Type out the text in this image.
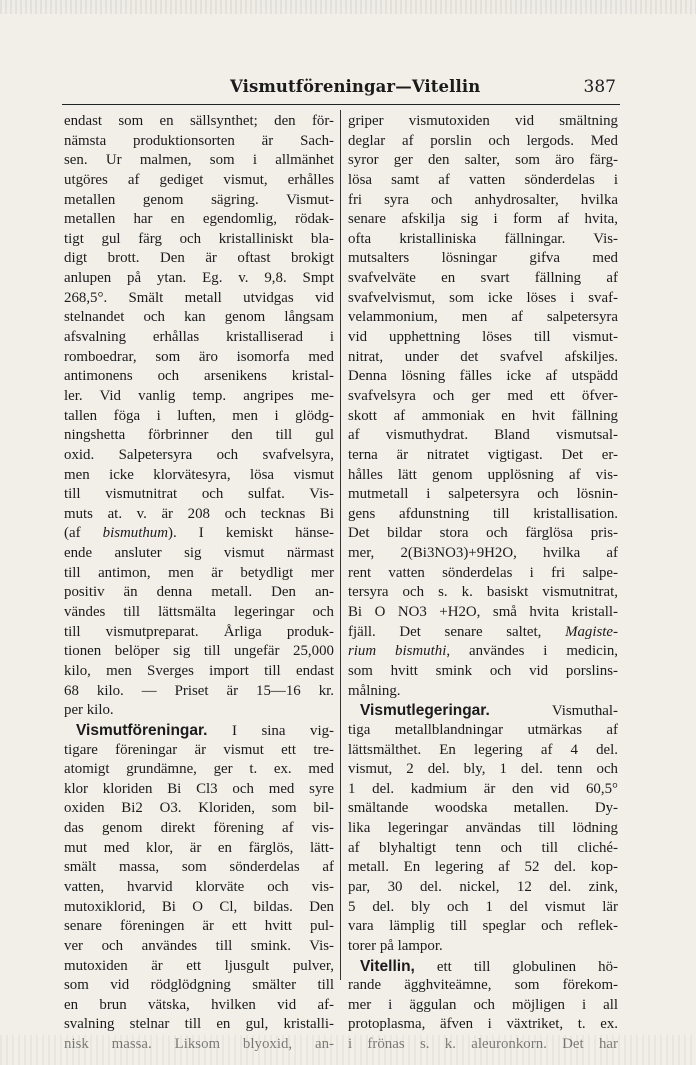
Vismutföreningar—Vitellin	387
endast som en sällsynthet; den för-
nämsta produktionsorten är Sach-
sen. Ur malmen, som i allmänhet
utgöres af gediget vismut, erhålles
metallen genom sägring. Vismut-
metallen har en egendomlig, rödak-
tigt gul färg och kristalliniskt bla-
digt brott. Den är oftast brokigt
anlupen på ytan. Eg. v. 9,8. Smpt
268,5°. Smält metall utvidgas vid
stelnandet och kan genom långsam
afsvalning erhållas kristalliserad i
romboedrar, som äro isomorfa med
antimonens och arsenikens kristal-
ler. Vid vanlig temp. angripes me-
tallen föga i luften, men i glödg-
ningshetta förbrinner den till gul
oxid. Salpetersyra och svafvelsyra,
men icke klorvätesyra, lösa vismut
till vismutnitrat och sulfat. Vis-
muts at. v. är 208 och tecknas Bi
(af bismuthum). I kemiskt hänse-
ende ansluter sig vismut närmast
till antimon, men är betydligt mer
positiv än denna metall. Den an-
vändes till lättsmälta legeringar och
till vismutpreparat. Årliga produk-
tionen belöper sig till ungefär 25,000
kilo, men Sverges import till endast
68 kilo. — Priset är 15—16 kr.
per kilo.
Vismutföreningar. I sina vig-
tigare föreningar är vismut ett tre-
atomigt grundämne, ger t. ex. med
klor kloriden Bi Cl3 och med syre
oxiden Bi2 O3. Kloriden, som bil-
das genom direkt förening af vis-
mut med klor, är en färglös, lätt-
smält massa, som sönderdelas af
vatten, hvarvid klorväte och vis-
mutoxiklorid, Bi O Cl, bildas. Den
senare föreningen är ett hvitt pul-
ver och användes till smink. Vis-
mutoxiden är ett ljusgult pulver,
som vid rödglödgning smälter till
en brun vätska, hvilken vid af-
svalning stelnar till en gul, kristalli-
nisk massa. Liksom blyoxid, an-
griper vismutoxiden vid smältning
deglar af porslin och lergods. Med
syror ger den salter, som äro färg-
lösa samt af vatten sönderdelas i
fri syra och anhydrosalter, hvilka
senare afskilja sig i form af hvita,
ofta kristalliniska fällningar. Vis-
mutsalters lösningar gifva med
svafvelväte en svart fällning af
svafvelvismut, som icke löses i svaf-
velammonium, men af salpetersyra
vid upphettning löses till vismut-
nitrat, under det svafvel afskiljes.
Denna lösning fälles icke af utspädd
svafvelsyra och ger med ett öfver-
skott af ammoniak en hvit fällning
af vismuthydrat. Bland vismutsal-
terna är nitratet vigtigast. Det er-
hålles lätt genom upplösning af vis-
mutmetall i salpetersyra och lösnin-
gens afdunstning till kristallisation.
Det bildar stora och färglösa pris-
mer, 2(Bi3NO3)+9H2O, hvilka af
rent vatten sönderdelas i fri salpe-
tersyra och s. k. basiskt vismutnitrat,
Bi O NO3 +H2O, små hvita kristall-
fjäll. Det senare saltet, Magiste-
rium bismuthi, användes i medicin,
som hvitt smink och vid porslins-
målning.
Vismutlegeringar. Vismuthal-
tiga metallblandningar utmärkas af
lättsmälthet. En legering af 4 del.
vismut, 2 del. bly, 1 del. tenn och
1 del. kadmium är den vid 60,5°
smältande woodska metallen. Dy-
lika legeringar användas till lödning
af blyhaltigt tenn och till cliché-
metall. En legering af 52 del. kop-
par, 30 del. nickel, 12 del. zink,
5 del. bly och 1 del vismut lär
vara lämplig till speglar och reflek-
torer på lampor.
Vitellin, ett till globulinen hö-
rande ägghviteämne, som förekom-
mer i äggulan och möjligen i all
protoplasma, äfven i växtriket, t. ex.
i frönas s. k. aleuronkorn. Det har
